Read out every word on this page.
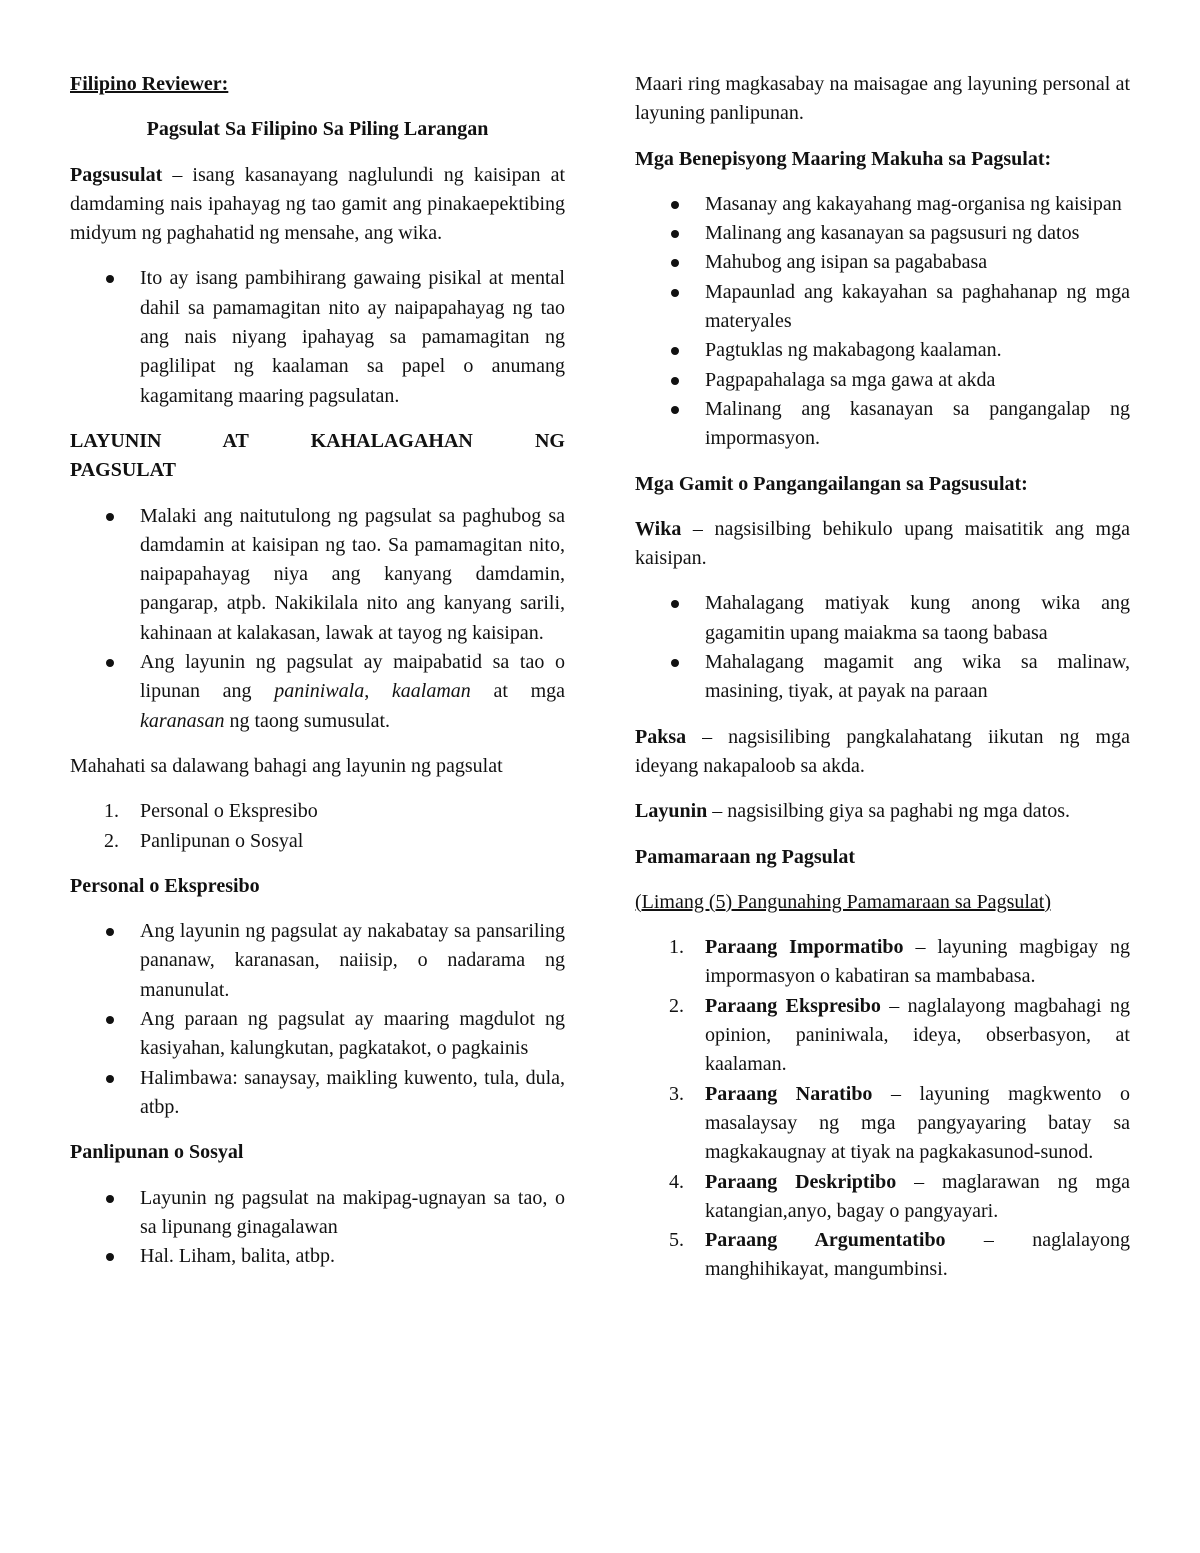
Filipino Reviewer:

Pagsulat Sa Filipino Sa Piling Larangan

Pagsusulat – isang kasanayang naglulundi ng kaisipan at damdaming nais ipahayag ng tao gamit ang pinakaepektibing midyum ng paghahatid ng mensahe, ang wika.

Ito ay isang pambihirang gawaing pisikal at mental dahil sa pamamagitan nito ay naipapahayag ng tao ang nais niyang ipahayag sa pamamagitan ng paglilipat ng kaalaman sa papel o anumang kagamitang maaring pagsulatan.

LAYUNIN AT KAHALAGAHAN NG

PAGSULAT

Malaki ang naitutulong ng pagsulat sa paghubog sa damdamin at kaisipan ng tao. Sa pamamagitan nito, naipapahayag niya ang kanyang damdamin, pangarap, atpb. Nakikilala nito ang kanyang sarili, kahinaan at kalakasan, lawak at tayog ng kaisipan.
Ang layunin ng pagsulat ay maipabatid sa tao o lipunan ang paniniwala, kaalaman at mga karanasan ng taong sumusulat.

Mahahati sa dalawang bahagi ang layunin ng pagsulat

1. Personal o Ekspresibo
2. Panlipunan o Sosyal

Personal o Ekspresibo

Ang layunin ng pagsulat ay nakabatay sa pansariling pananaw, karanasan, naiisip, o nadarama ng manunulat.
Ang paraan ng pagsulat ay maaring magdulot ng kasiyahan, kalungkutan, pagkatakot, o pagkainis
Halimbawa: sanaysay, maikling kuwento, tula, dula, atbp.

Panlipunan o Sosyal

Layunin ng pagsulat na makipag-ugnayan sa tao, o sa lipunang ginagalawan
Hal. Liham, balita, atbp.

Maari ring magkasabay na maisagae ang layuning personal at layuning panlipunan.

Mga Benepisyong Maaring Makuha sa Pagsulat:

Masanay ang kakayahang mag-organisa ng kaisipan
Malinang ang kasanayan sa pagsusuri ng datos
Mahubog ang isipan sa pagababasa
Mapaunlad ang kakayahan sa paghahanap ng mga materyales
Pagtuklas ng makabagong kaalaman.
Pagpapahalaga sa mga gawa at akda
Malinang ang kasanayan sa pangangalap ng impormasyon.

Mga Gamit o Pangangailangan sa Pagsusulat:

Wika – nagsisilbing behikulo upang maisatitik ang mga kaisipan.

Mahalagang matiyak kung anong wika ang gagamitin upang maiakma sa taong babasa
Mahalagang magamit ang wika sa malinaw, masining, tiyak, at payak na paraan

Paksa – nagsisilibing pangkalahatang iikutan ng mga ideyang nakapaloob sa akda.

Layunin – nagsisilbing giya sa paghabi ng mga datos.

Pamamaraan ng Pagsulat

(Limang (5) Pangunahing Pamamaraan sa Pagsulat)

1. Paraang Impormatibo – layuning magbigay ng impormasyon o kabatiran sa mambabasa.
2. Paraang Ekspresibo – naglalayong magbahagi ng opinion, paniniwala, ideya, obserbasyon, at kaalaman.
3. Paraang Naratibo – layuning magkwento o masalaysay ng mga pangyayaring batay sa magkakaugnay at tiyak na pagkakasunod-sunod.
4. Paraang Deskriptibo – maglarawan ng mga katangian,anyo, bagay o pangyayari.
5. Paraang Argumentatibo – naglalayong manghihikayat, mangumbinsi.
